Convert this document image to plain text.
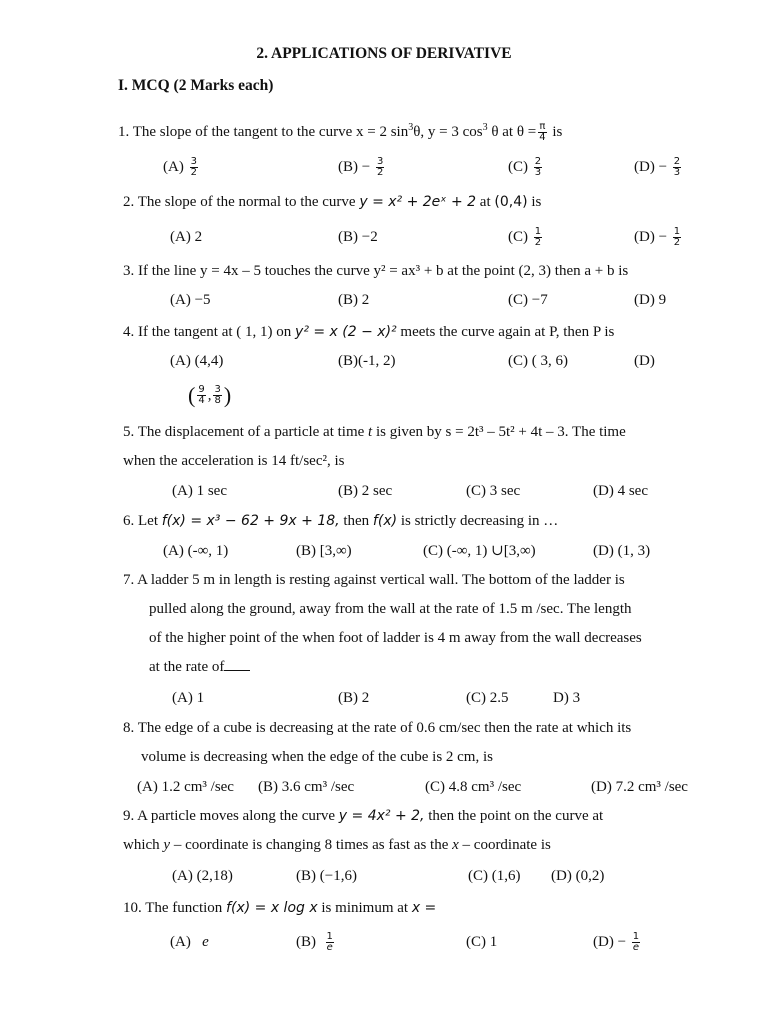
2. APPLICATIONS OF DERIVATIVE
I. MCQ (2 Marks each)
1. The slope of the tangent to the curve x = 2 $\sin^3\theta$, y = 3 $\cos^3 \theta$ at $\theta = \frac{\pi}{4}$ is
$(A) \frac{3}{2}$	$(B) - \frac{3}{2}$	$(C) \frac{2}{3}$	$(D) - \frac{2}{3}$
2. The slope of the normal to the curve y = x² + 2eˣ + 2 at (0,4) is
(A) 2	(B) −2	$(C) \frac{1}{2}$	$(D) - \frac{1}{2}$
3. If the line y = 4x – 5 touches the curve y² = ax³ + b at the point (2, 3) then a + b is
(A) −5	(B) 2	(C) −7	(D) 9
4. If the tangent at ( 1, 1) on y² = x (2 − x)² meets the curve again at P, then P is
(A) (4,4)	(B)(-1, 2)	(C) ( 3, 6)	(D)
( $\frac{9}{4}$ , $\frac{3}{8}$ )
5. The displacement of a particle at time t is given by s = 2t³ – 5t² + 4t – 3. The time
when the acceleration is 14 ft/sec², is
(A) 1 sec	(B) 2 sec	(C) 3 sec	(D) 4 sec
6. Let f(x) = x³ − 62 + 9x + 18, then f(x) is strictly decreasing in …
(A) (-∞, 1)	(B) [3,∞)	(C) (-∞, 1) ∪[3,∞)	(D) (1, 3)
7. A ladder 5 m in length is resting against vertical wall. The bottom of the ladder is
pulled along the ground, away from the wall at the rate of 1.5 m /sec. The length
of the higher point of the when foot of ladder is 4 m away from the wall decreases
at the rate of
(A) 1	(B) 2	(C) 2.5	D) 3
8. The edge of a cube is decreasing at the rate of 0.6 cm/sec then the rate at which its
volume is decreasing when the edge of the cube is 2 cm, is
(A) 1.2 cm³ /sec (B) 3.6 cm³ /sec	(C) 4.8 cm³ /sec	(D) 7.2 cm³ /sec
9. A particle moves along the curve y = 4x² + 2, then the point on the curve at
which y – coordinate is changing 8 times as fast as the x – coordinate is
(A) (2,18)	(B) (−1,6)	(C) (1,6) (D) (0,2)
10. The function f(x) = x log x is minimum at x =
(A) e	$(B) \frac{1}{e}$	(C) 1	$(D) - \frac{1}{e}$
